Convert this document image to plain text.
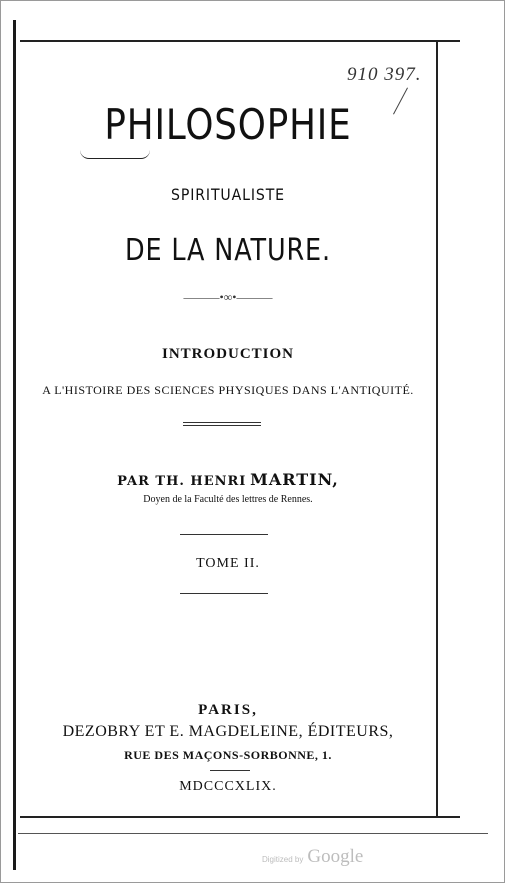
910 397.
PHILOSOPHIE
SPIRITUALISTE
DE LA NATURE.
———•∞•———
INTRODUCTION
A L'HISTOIRE DES SCIENCES PHYSIQUES DANS L'ANTIQUITÉ.
PAR TH. HENRI MARTIN,
Doyen de la Faculté des lettres de Rennes.
TOME II.
PARIS,
DEZOBRY ET E. MAGDELEINE, ÉDITEURS,
RUE DES MAÇONS-SORBONNE, 1.
MDCCCXLIX.
Digitized by Google
